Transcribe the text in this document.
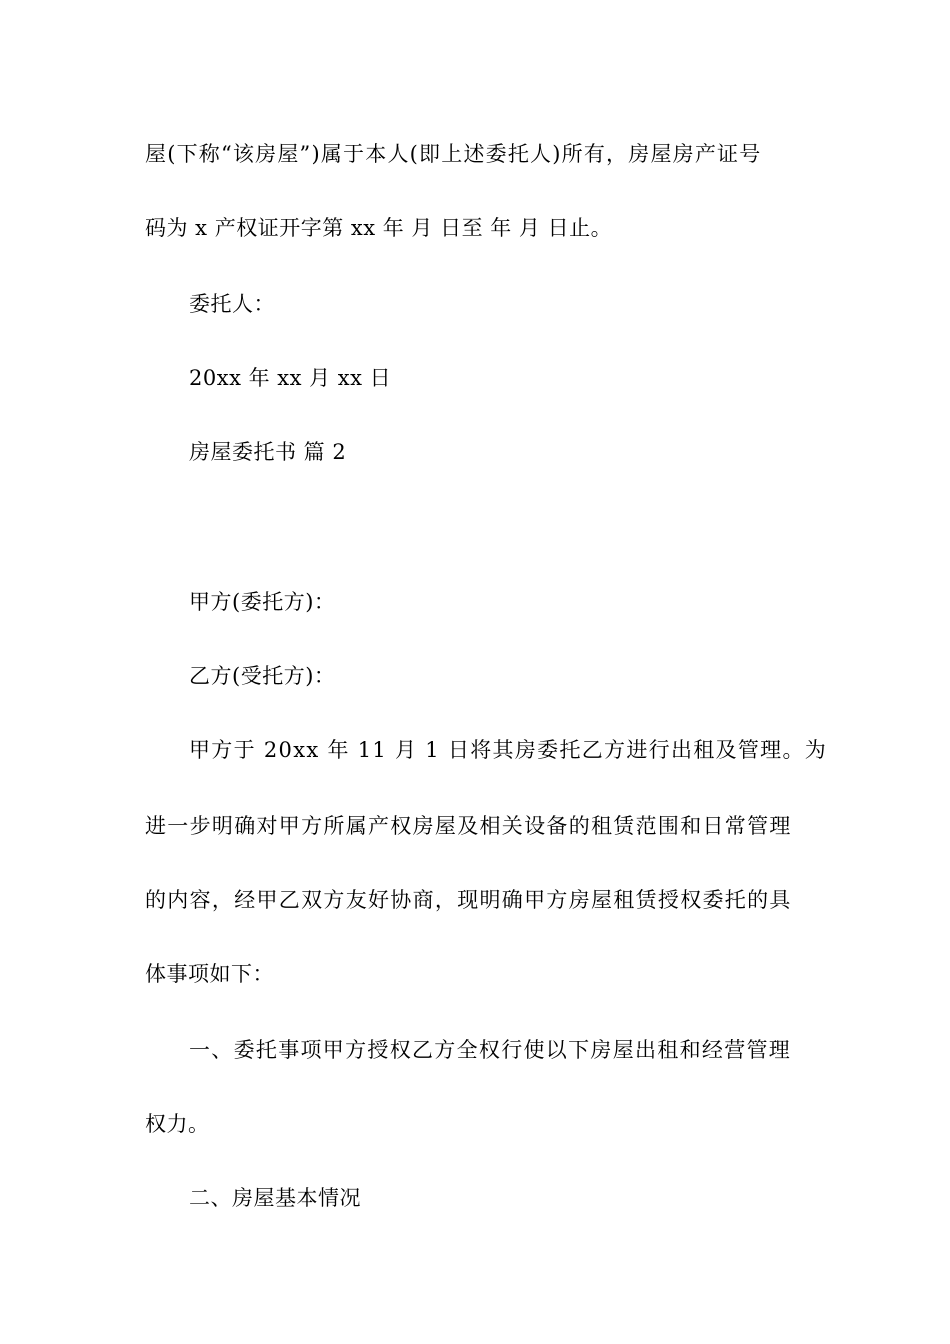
屋(下称“该房屋”)属于本人(即上述委托人)所有，房屋房产证号
码为 x 产权证开字第 xx 年 月 日至 年 月 日止。
委托人：
20xx 年 xx 月 xx 日
房屋委托书 篇 2
甲方(委托方)：
乙方(受托方)：
甲方于 20xx 年 11 月 1 日将其房委托乙方进行出租及管理。为
进一步明确对甲方所属产权房屋及相关设备的租赁范围和日常管理
的内容，经甲乙双方友好协商，现明确甲方房屋租赁授权委托的具
体事项如下：
一、委托事项甲方授权乙方全权行使以下房屋出租和经营管理
权力。
二、房屋基本情况
